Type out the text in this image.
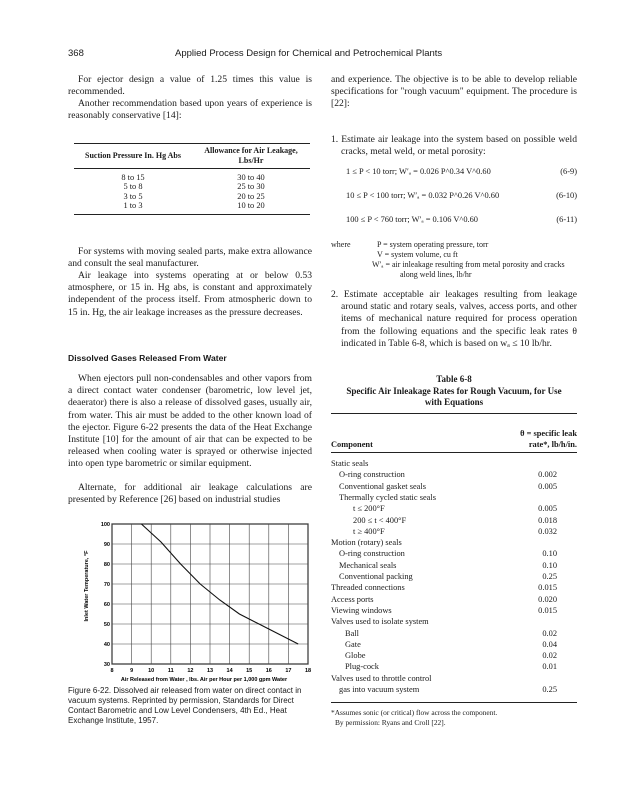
368	Applied Process Design for Chemical and Petrochemical Plants

For ejector design a value of 1.25 times this value is recommended.

Another recommendation based upon years of experience is reasonably conservative [14]:

Suction Pressure In. Hg Abs	Allowance for Air Leakage, Lbs/Hr
8 to 15	30 to 40
5 to 8	25 to 30
3 to 5	20 to 25
1 to 3	10 to 20

For systems with moving sealed parts, make extra allowance and consult the seal manufacturer.

Air leakage into systems operating at or below 0.53 atmosphere, or 15 in. Hg abs, is constant and approximately independent of the process itself. From atmospheric down to 15 in. Hg, the air leakage increases as the pressure decreases.

Dissolved Gases Released From Water

When ejectors pull non-condensables and other vapors from a direct contact water condenser (barometric, low level jet, deaerator) there is also a release of dissolved gases, usually air, from water. This air must be added to the other known load of the ejector. Figure 6-22 presents the data of the Heat Exchange Institute [10] for the amount of air that can be expected to be released when cooling water is sprayed or otherwise injected into open type barometric or similar equipment.

Alternate, for additional air leakage calculations are presented by Reference [26] based on industrial studies

8	9	10 11 12 13 14 15 16 17 18
30
40
50
60
70
80
90
100
Inlet Water Temperature, °F
Air Released from Water , lbs. Air per Hour per 1,000 gpm Water
Figure 6-22. Dissolved air released from water on direct contact in vacuum systems. Reprinted by permission, Standards for Direct Contact Barometric and Low Level Condensers, 4th Ed., Heat Exchange Institute, 1957.

and experience. The objective is to be able to develop reliable specifications for "rough vacuum" equipment. The procedure is [22]:

1. Estimate air leakage into the system based on possible weld cracks, metal weld, or metal porosity:

1 ≤ P < 10 torr; W′ₐ = 0.026 P^0.34 V^0.60	(6-9)
10 ≤ P < 100 torr; W′ₐ = 0.032 P^0.26 V^0.60	(6-10)
100 ≤ P < 760 torr; W′ₐ = 0.106 V^0.60	(6-11)
where	P = system operating pressure, torr
V = system volume, cu ft
W′ₐ = air inleakage resulting from metal porosity and cracks along weld lines, lb/hr

2. Estimate acceptable air leakages resulting from leakage around static and rotary seals, valves, access ports, and other items of mechanical nature required for process operation from the following equations and the specific leak rates θ indicated in Table 6-8, which is based on wₐ ≤ 10 lb/hr.

Table 6-8
Specific Air Inleakage Rates for Rough Vacuum, for Use with Equations
Component
θ = specific leak
rate*, lb/h/in.
Static seals
O-ring construction	0.002
Conventional gasket seals	0.005
Thermally cycled static seals
t ≤ 200°F	0.005
200 ≤ t < 400°F	0.018
t ≥ 400°F	0.032
Motion (rotary) seals
O-ring construction	0.10
Mechanical seals	0.10
Conventional packing	0.25
Threaded connections	0.015
Access ports	0.020
Viewing windows	0.015
Valves used to isolate system
Ball	0.02
Gate	0.04
Globe	0.02
Plug-cock	0.01
Valves used to throttle control
gas into vacuum system	0.25
*Assumes sonic (or critical) flow across the component.
By permission: Ryans and Croll [22].
